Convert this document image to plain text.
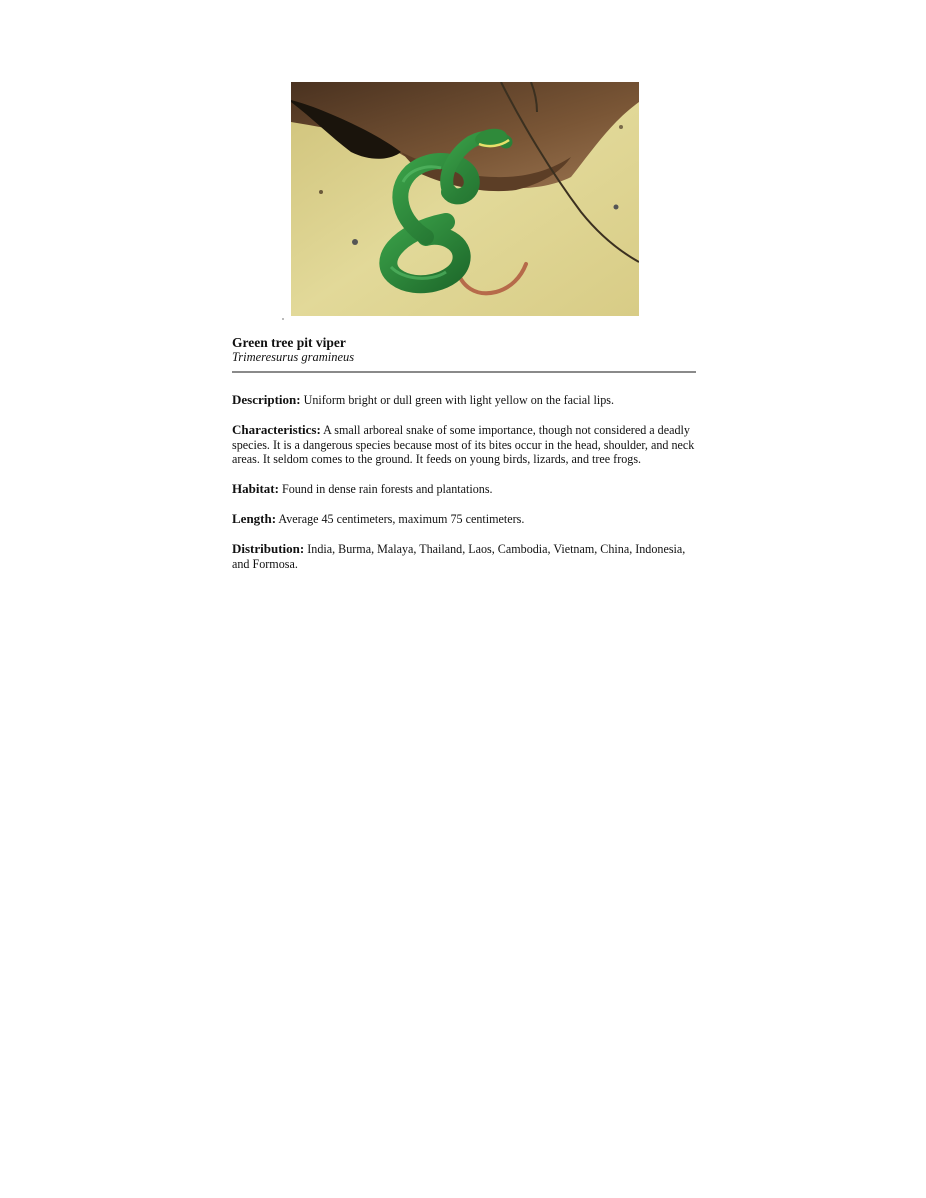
Green tree pit viper

Trimeresurus gramineus

Description: Uniform bright or dull green with light yellow on the facial lips.

Characteristics: A small arboreal snake of some importance, though not considered a deadly species. It is a dangerous species because most of its bites occur in the head, shoulder, and neck areas. It seldom comes to the ground. It feeds on young birds, lizards, and tree frogs.

Habitat: Found in dense rain forests and plantations.

Length: Average 45 centimeters, maximum 75 centimeters.

Distribution: India, Burma, Malaya, Thailand, Laos, Cambodia, Vietnam, China, Indonesia, and Formosa.
